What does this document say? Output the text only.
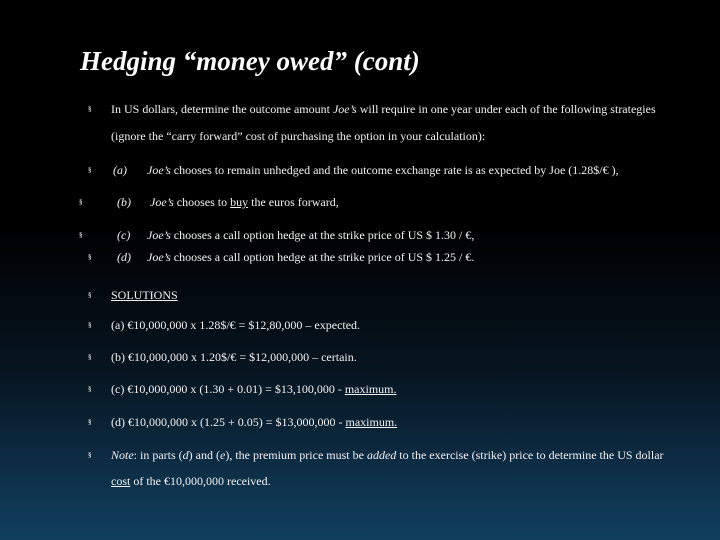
Hedging “money owed” (cont)
§ In US dollars, determine the outcome amount Joe’s will require in one year under each of the following strategies
(ignore the “carry forward” cost of purchasing the option in your calculation):
§ (a) Joe’s chooses to remain unhedged and the outcome exchange rate is as expected by Joe (1.28$/€ ),
§	(b) Joe’s chooses to buy the euros forward,
§	(c) Joe’s chooses a call option hedge at the strike price of US $ 1.30 / €,
§ (d) Joe’s chooses a call option hedge at the strike price of US $ 1.25 / €.
§ SOLUTIONS
§ (a) €10,000,000 x 1.28$/€ = $12,80,000 – expected.
§ (b) €10,000,000 x 1.20$/€ = $12,000,000 – certain.
§ (c) €10,000,000 x (1.30 + 0.01) = $13,100,000 - maximum.
§ (d) €10,000,000 x (1.25 + 0.05) = $13,000,000 - maximum.
§ Note: in parts (d) and (e), the premium price must be added to the exercise (strike) price to determine the US dollar
cost of the €10,000,000 received.
